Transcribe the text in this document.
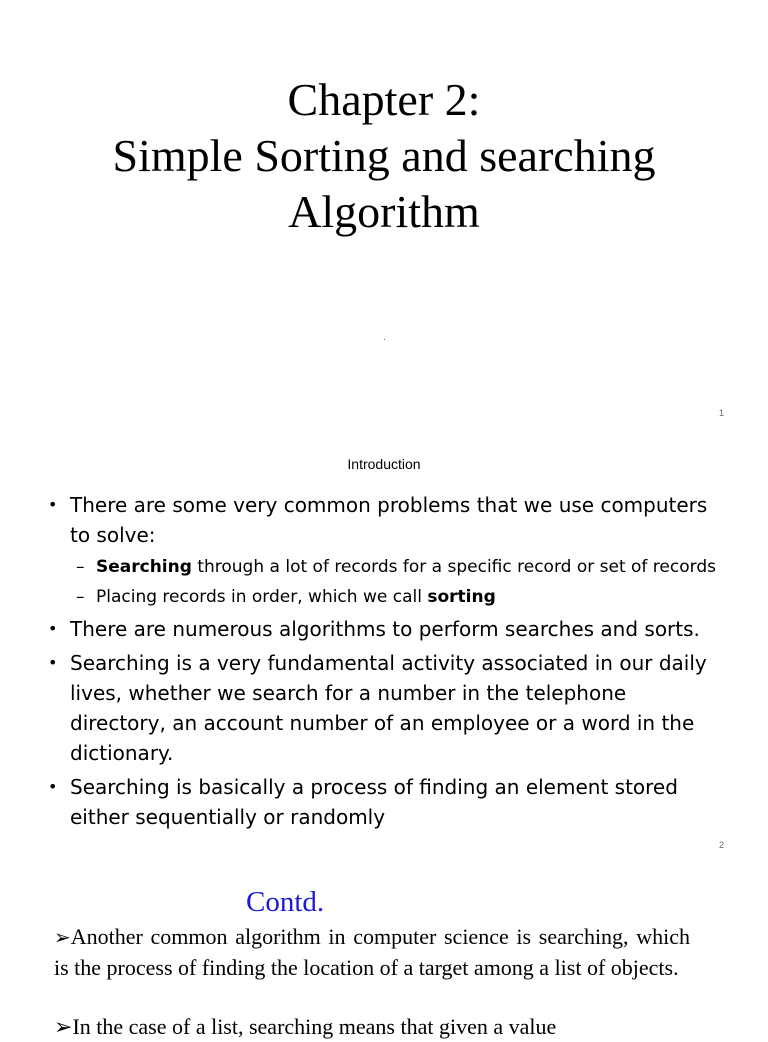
Chapter 2:
Simple Sorting and searching
Algorithm
.
1
Introduction
• There are some very common problems that we use computers to solve:
– Searching through a lot of records for a specific record or set of records
– Placing records in order, which we call sorting
• There are numerous algorithms to perform searches and sorts.
• Searching is a very fundamental activity associated in our daily lives, whether we search for a number in the telephone directory, an account number of an employee or a word in the dictionary.
• Searching is basically a process of finding an element stored either sequentially or randomly
2
Contd.
➢Another common algorithm in computer science is searching, which is the process of finding the location of a target among a list of objects.
➢In the case of a list, searching means that given a value
